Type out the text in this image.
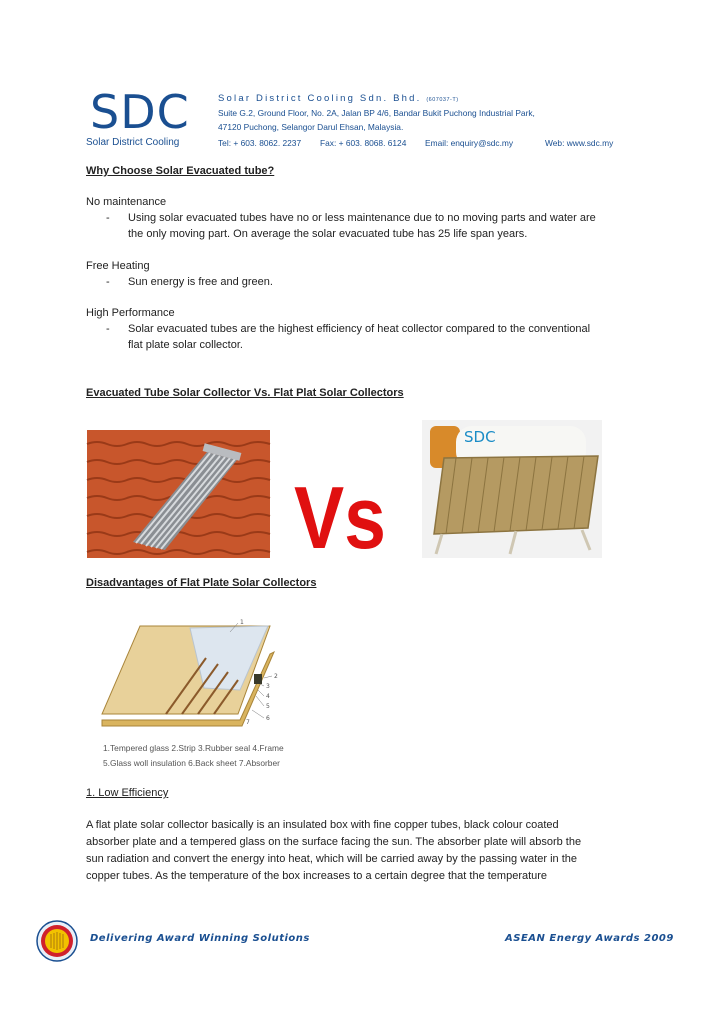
SDC
Solar District Cooling
Solar District Cooling Sdn. Bhd. (607037-T)
Suite G.2, Ground Floor, No. 2A, Jalan BP 4/6, Bandar Bukit Puchong Industrial Park,
47120 Puchong, Selangor Darul Ehsan, Malaysia.
Tel: + 603. 8062. 2237 Fax: + 603. 8068. 6124 Email: enquiry@sdc.my	Web: www.sdc.my
Why Choose Solar Evacuated tube?
No maintenance
- Using solar evacuated tubes have no or less maintenance due to no moving parts and water are
the only moving part. On average the solar evacuated tube has 25 life span years.
Free Heating
- Sun energy is free and green.
High Performance
- Solar evacuated tubes are the highest efficiency of heat collector compared to the conventional
flat plate solar collector.
Evacuated Tube Solar Collector Vs. Flat Plat Solar Collectors
Vs
SDC
Disadvantages of Flat Plate Solar Collectors
1
2
3
4
5
6
7
1.Tempered glass 2.Strip 3.Rubber seal 4.Frame
5.Glass woll insulation 6.Back sheet 7.Absorber
1. Low Efficiency
A flat plate solar collector basically is an insulated box with fine copper tubes, black colour coated
absorber plate and a tempered glass on the surface facing the sun. The absorber plate will absorb the
sun radiation and convert the energy into heat, which will be carried away by the passing water in the
copper tubes. As the temperature of the box increases to a certain degree that the temperature
Delivering Award Winning Solutions	ASEAN Energy Awards 2009
